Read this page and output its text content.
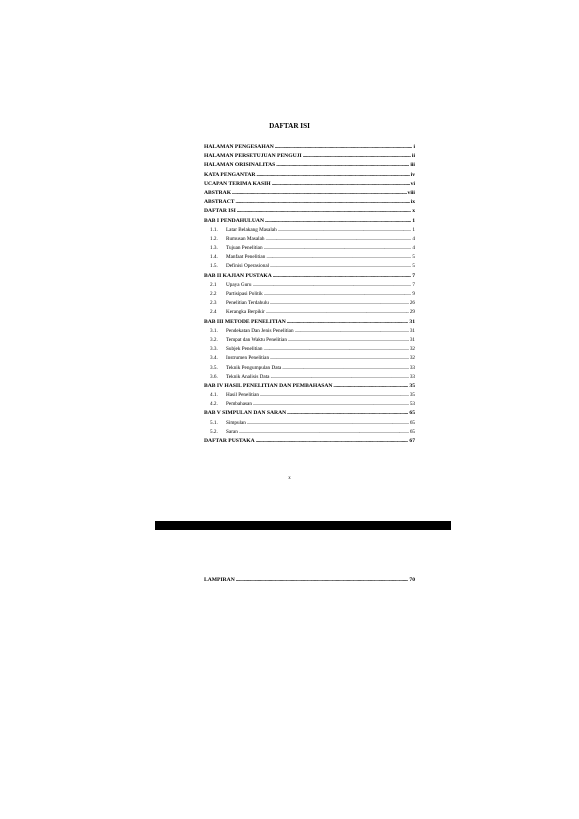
DAFTAR ISI
HALAMAN PENGESAHAN .....	i
HALAMAN PERSETUJUAN PENGUJI .....	ii
HALAMAN ORISINALITAS .....	iii
KATA PENGANTAR .....	iv
UCAPAN TERIMA KASIH .....	vi
ABSTRAK .....	viii
ABSTRACT .....	ix
DAFTAR ISI .....	x
BAB I PENDAHULUAN .....	1
1.1.	Latar Belakang Masalah .....	1
1.2.	Rumusan Masalah .....	4
1.3.	Tujuan Penelitian .....	4
1.4.	Manfaat Penelitian .....	5
1.5.	Definisi Operasional .....	5
BAB II KAJIAN PUSTAKA .....	7
2.1	Upaya Guru .....	7
2.2	Partisipasi Politik .....	9
2.3	Penelitian Terdahulu .....	26
2.4	Kerangka Berpikir .....	29
BAB III METODE PENELITIAN .....	31
3.1.	Pendekatan Dan Jenis Penelitian .....	31
3.2.	Tempat dan Waktu Penelitian .....	31
3.3.	Subjek Penelitian .....	32
3.4.	Instrumen Penelitian .....	32
3.5.	Teknik Pengumpulan Data .....	33
3.6.	Teknik Analisis Data .....	33
BAB IV HASIL PENELITIAN DAN PEMBAHASAN .....	35
4.1.	Hasil Penelitian .....	35
4.2.	Pembahasan .....	53
BAB V SIMPULAN DAN SARAN .....	65
5.1.	Simpulan .....	65
5.2.	Saran .....	65
DAFTAR PUSTAKA .....	67
x
LAMPIRAN .....	70
